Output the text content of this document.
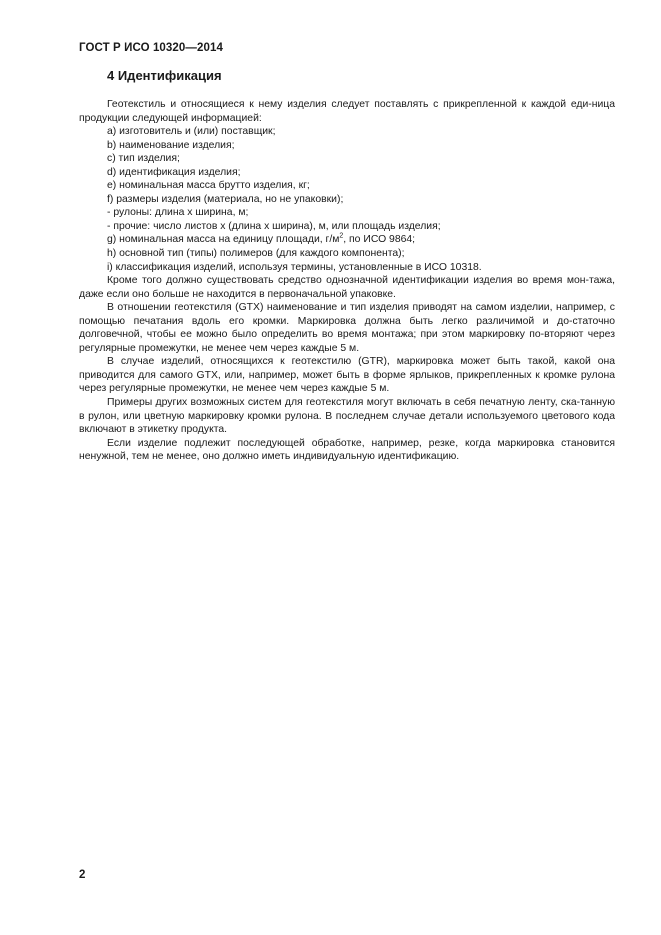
ГОСТ Р ИСО 10320—2014
4 Идентификация

Геотекстиль и относящиеся к нему изделия следует поставлять с прикрепленной к каждой еди-ница продукции следующей информацией:

a) изготовитель и (или) поставщик;

b) наименование изделия;

c) тип изделия;

d) идентификация изделия;

e) номинальная масса брутто изделия, кг;

f) размеры изделия (материала, но не упаковки);

- рулоны: длина x ширина, м;

- прочие: число листов x (длина x ширина), м, или площадь изделия;

g) номинальная масса на единицу площади, $г/м^2$, по ИСО 9864;

h) основной тип (типы) полимеров (для каждого компонента);

i) классификация изделий, используя термины, установленные в ИСО 10318.

Кроме того должно существовать средство однозначной идентификации изделия во время мон-тажа, даже если оно больше не находится в первоначальной упаковке.

В отношении геотекстиля (GTX) наименование и тип изделия приводят на самом изделии, например, с помощью печатания вдоль его кромки. Маркировка должна быть легко различимой и до-статочно долговечной, чтобы ее можно было определить во время монтажа; при этом маркировку по-вторяют через регулярные промежутки, не менее чем через каждые 5 м.

В случае изделий, относящихся к геотекстилю (GTR), маркировка может быть такой, какой она приводится для самого GTX, или, например, может быть в форме ярлыков, прикрепленных к кромке рулона через регулярные промежутки, не менее чем через каждые 5 м.

Примеры других возможных систем для геотекстиля могут включать в себя печатную ленту, ска-танную в рулон, или цветную маркировку кромки рулона. В последнем случае детали используемого цветового кода включают в этикетку продукта.

Если изделие подлежит последующей обработке, например, резке, когда маркировка становится ненужной, тем не менее, оно должно иметь индивидуальную идентификацию.

2
